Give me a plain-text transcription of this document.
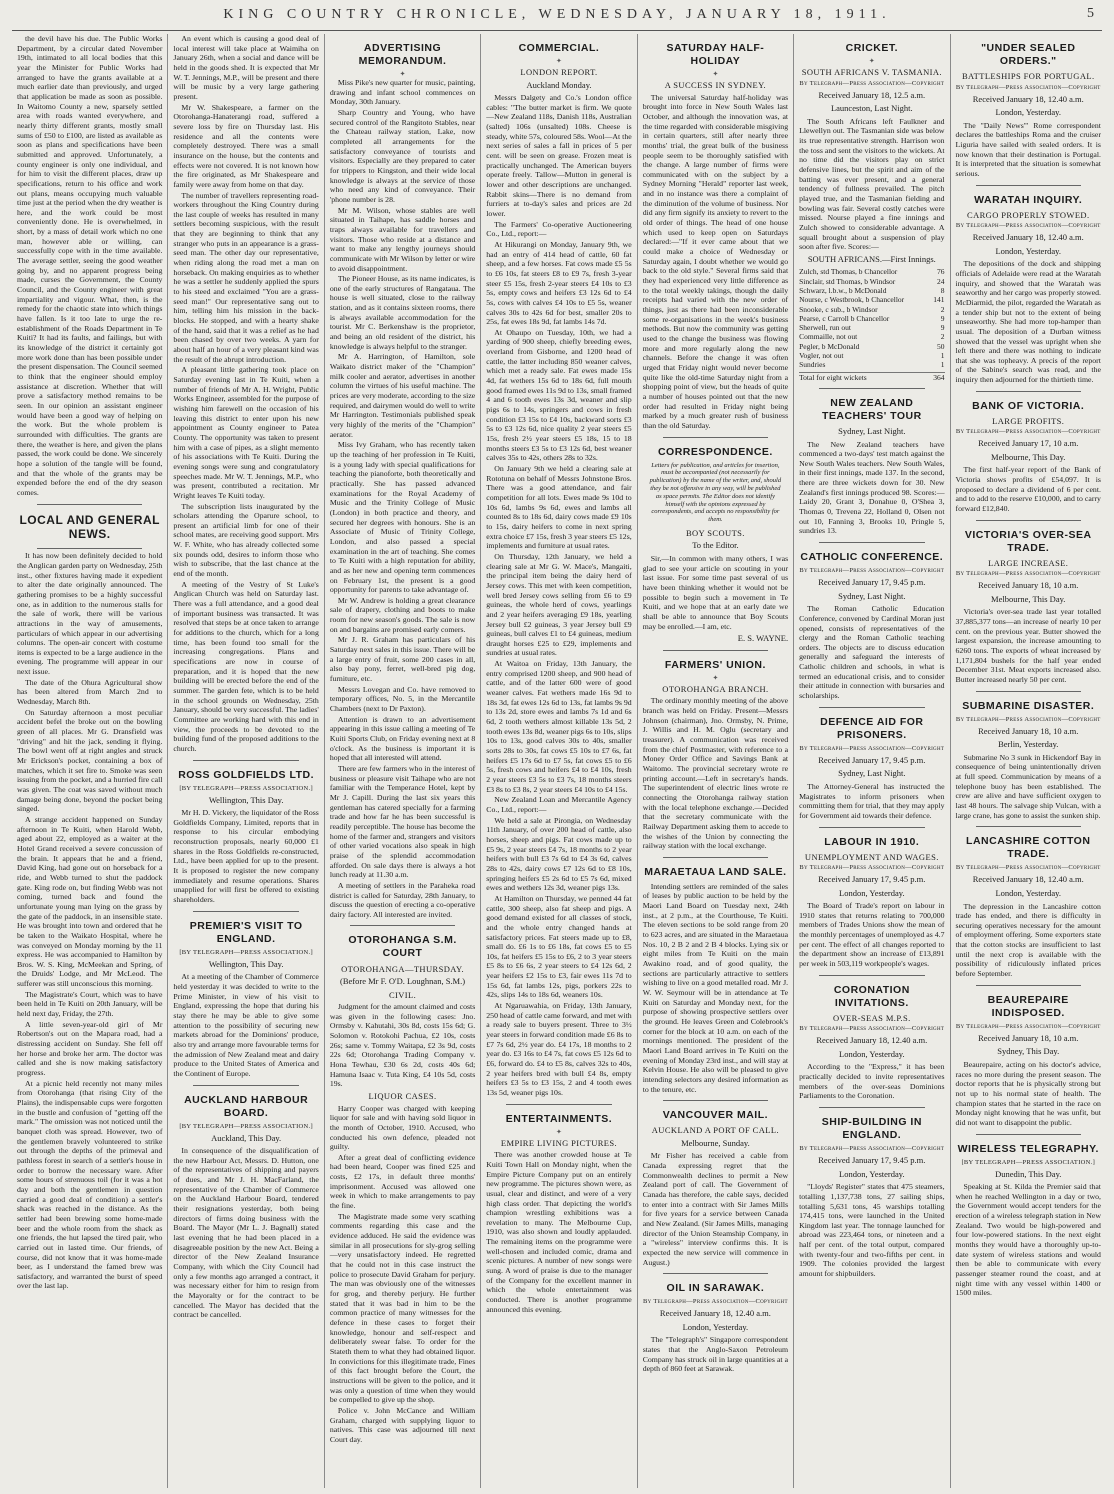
KING COUNTRY CHRONICLE, WEDNESDAY, JANUARY 18, 1911.	5

the devil have his due. The Public Works Department, by a circular dated November 19th, intimated to all local bodies that this year the Minister for Public Works had arranged to have the grants available at a much earlier date than previously, and urged that application be made as soon as possible. In Waitomo County a new, sparsely settled area with roads wanted everywhere, and nearly thirty different grants, mostly small sums of £50 to £100, are listed as available as soon as plans and specifications have been submitted and approved. Unfortunately, a county engineer is only one individual, and for him to visit the different places, draw up specifications, return to his office and work out plans, means occupying much valuable time just at the period when the dry weather is here, and the work could be most conveniently done. He is overwhelmed, in short, by a mass of detail work which no one man, however able or willing, can successfully cope with in the time available. The average settler, seeing the good weather going by, and no apparent progress being made, curses the Government, the County Council, and the County engineer with great impartiality and vigour. What, then, is the remedy for the chaotic state into which things have fallen. Is it too late to urge the re-establishment of the Roads Department in Te Kuiti? It had its faults, and failings, but with its knowledge of the district it certainly got more work done than has been possible under the present dispensation. The Council seemed to think that the engineer should employ assistance at discretion. Whether that will prove a satisfactory method remains to be seen. In our opinion an assistant engineer would have been a good way of helping on the work. But the whole problem is surrounded with difficulties. The grants are there, the weather is here, and given the plans passed, the work could be done. We sincerely hope a solution of the tangle will be found, and that the whole of the grants may be expended before the end of the dry season comes.

LOCAL AND GENERAL NEWS.

It has now been definitely decided to hold the Anglican garden party on Wednesday, 25th inst., other fixtures having made it expedient to alter the date originally announced. The gathering promises to be a highly successful one, as in addition to the numerous stalls for the sale of work, there will be various attractions in the way of amusements, particulars of which appear in our advertising columns. The open-air concert with costume items is expected to be a large audience in the evening. The programme will appear in our next issue.

The date of the Ohura Agricultural show has been altered from March 2nd to Wednesday, March 8th.

On Saturday afternoon a most peculiar accident befel the broke out on the bowling green of all places. Mr G. Dransfield was "driving" and hit the jack, sending it flying. The bowl went off at right angles and struck Mr Erickson's pocket, containing a box of matches, which it set fire to. Smoke was seen issuing from the pocket, and a hurried fire call was given. The coat was saved without much damage being done, beyond the pocket being singed.

A strange accident happened on Sunday afternoon in Te Kuiti, when Harold Webb, aged about 22, employed as a waiter at the Hotel Grand received a severe concussion of the brain. It appears that he and a friend, David King, had gone out on horseback for a ride, and Webb turned to shut the paddock gate. King rode on, but finding Webb was not coming, turned back and found the unfortunate young man lying on the grass by the gate of the paddock, in an insensible state. He was brought into town and ordered that he be taken to the Waikato Hospital, where he was conveyed on Monday morning by the 11 express. He was accompanied to Hamilton by Bros. W. S. King, McMeekan and Spring, of the Druids' Lodge, and Mr McLeod. The sufferer was still unconscious this morning.

The Magistrate's Court, which was to have been held in Te Kuiti on 20th January, will be held next day, Friday, the 27th.

A little seven-year-old girl of Mr Robertson's out on the Mapara road, had a distressing accident on Sunday. She fell off her horse and broke her arm. The doctor was called and she is now making satisfactory progress.

At a picnic held recently not many miles from Otorohanga (that rising City of the Plains), the indispensable cups were forgotten in the bustle and confusion of "getting off the mark." The omission was not noticed until the banquet cloth was spread. However, two of the gentlemen bravely volunteered to strike out through the depths of the primeval and pathless forest in search of a settler's house in order to borrow the necessary ware. After some hours of strenuous toil (for it was a hot day and both the gentlemen in question carried a good deal of condition) a settler's shack was reached in the distance. As the settler had been brewing some home-made beer and the whole room from the shack as one friends, the hut lapsed the tired pair, who carried out in lasted time. Our friends, of course, did not know that it was home-made beer, as I understand the famed brew was satisfactory, and warranted the burst of speed over the last lap.

An event which is causing a good deal of local interest will take place at Waimiha on January 26th, when a social and dance will be held in the goods shed. It is expected that Mr W. T. Jennings, M.P., will be present and there will be music by a very large gathering present.

Mr W. Shakespeare, a farmer on the Otorohanga-Hanaterangi road, suffered a severe loss by fire on Thursday last. His residence and all the contents were completely destroyed. There was a small insurance on the house, but the contents and effects were not covered. It is not known how the fire originated, as Mr Shakespeare and family were away from home on that day.

The number of travellers representing road-workers throughout the King Country during the last couple of weeks has resulted in many settlers becoming suspicious, with the result that they are beginning to think that any stranger who puts in an appearance is a grass-seed man. The other day our representative, when riding along the road met a man on horseback. On making enquiries as to whether he was a settler he suddenly applied the spurs to his steed and exclaimed "You are a grass-seed man!" Our representative sang out to him, telling him his mission in the back-blocks. He stopped, and with a hearty shake of the hand, said that it was a relief as he had been chased by over two weeks. A yarn for about half an hour of a very pleasant kind was the result of the abrupt introduction.

A pleasant little gathering took place on Saturday evening last in Te Kuiti, when a number of friends of Mr A. H. Wright, Public Works Engineer, assembled for the purpose of wishing him farewell on the occasion of his leaving this district to enter upon his new appointment as County engineer to Patea County. The opportunity was taken to present him with a case of pipes, as a slight memento of his associations with Te Kuiti. During the evening songs were sung and congratulatory speeches made. Mr W. T. Jennings, M.P., who was present, contributed a recitation. Mr Wright leaves Te Kuiti today.

The subscription lists inaugurated by the scholars attending the Oparure school, to present an artificial limb for one of their school mates, are receiving good support. Mrs W. F. White, who has already collected some six pounds odd, desires to inform those who wish to subscribe, that the last chance at the end of the month.

A meeting of the Vestry of St Luke's Anglican Church was held on Saturday last. There was a full attendance, and a good deal of important business was transacted. It was resolved that steps be at once taken to arrange for additions to the church, which for a long time, has been found too small for the increasing congregations. Plans and specifications are now in course of preparation, and it is hoped that the new building will be erected before the end of the summer. The garden fete, which is to be held in the school grounds on Wednesday, 25th January, should be very successful. The ladies' Committee are working hard with this end in view, the proceeds to be devoted to the building fund of the proposed additions to the church.

ROSS GOLDFIELDS LTD.
[BY TELEGRAPH—PRESS ASSOCIATION.]
Wellington, This Day.

Mr H. D. Vickery, the liquidator of the Ross Goldfields Company, Limited, reports that in response to his circular embodying reconstruction proposals, nearly 60,000 £1 shares in the Ross Goldfields re-constructed, Ltd., have been applied for up to the present. It is proposed to register the new company immediately and resume operations. Shares unapplied for will first be offered to existing shareholders.

PREMIER'S VISIT TO ENGLAND.
[BY TELEGRAPH—PRESS ASSOCIATION.]
Wellington, This Day.

At a meeting of the Chamber of Commerce held yesterday it was decided to write to the Prime Minister, in view of his visit to England, expressing the hope that during his stay there he may be able to give some attention to the possibility of securing new markets abroad for the Dominions' produce, also try and arrange more favourable terms for the admission of New Zealand meat and dairy produce to the United States of America and the Continent of Europe.

AUCKLAND HARBOUR BOARD.
[BY TELEGRAPH—PRESS ASSOCIATION.]
Auckland, This Day.

In consequence of the disqualification of the new Harbour Act, Messrs. D. Hutton, one of the representatives of shipping and payers of dues, and Mr J. H. MacFarland, the representative of the Chamber of Commerce on the Auckland Harbour Board, tendered their resignations yesterday, both being directors of firms doing business with the Board. The Mayor (Mr L. J. Bagnall) stated last evening that he had been placed in a disagreeable position by the new Act. Being a director of the New Zealand Insurance Company, with which the City Council had only a few months ago arranged a contract, it was necessary either for him to resign from the Mayoralty or for the contract to be cancelled. The Mayor has decided that the contract be cancelled.

ADVERTISING MEMORANDUM.
✦

Miss Pike's new quarter for music, painting, drawing and infant school commences on Monday, 30th January.

Sharp Country and Young, who have secured control of the Rangitoto Stables, near the Chateau railway station, Lake, now completed all arrangements for the satisfactory conveyance of tourists and visitors. Especially are they prepared to cater for trippers to Kingston, and their wide local knowledge is always at the service of those who need any kind of conveyance. Their 'phone number is 28.

Mr M. Wilson, whose stables are well situated in Taihape, has saddle horses and traps always available for travellers and visitors. Those who reside at a distance and want to make any lengthy journeys should communicate with Mr Wilson by letter or wire to avoid disappointment.

The Pioneer House, as its name indicates, is one of the early structures of Rangataua. The house is well situated, close to the railway station, and as it contains sixteen rooms, there is always available accommodation for the tourist. Mr C. Berkenshaw is the proprietor, and being an old resident of the district, his knowledge is always helpful to the stranger.

Mr A. Harrington, of Hamilton, sole Waikato district maker of the "Champion" milk cooler and aerator, advertises in another column the virtues of his useful machine. The prices are very moderate, according to the size required, and dairymen would do well to write Mr Harrington. Testimonials published speak very highly of the merits of the "Champion" aerator.

Miss Ivy Graham, who has recently taken up the teaching of her profession in Te Kuiti, is a young lady with special qualifications for teaching the pianoforte, both theoretically and practically. She has passed advanced examinations for the Royal Academy of Music and the Trinity College of Music (London) in both practice and theory, and secured her degrees with honours. She is an Associate of Music of Trinity College, London, and also passed a special examination in the art of teaching. She comes to Te Kuiti with a high reputation for ability, and as her new and opening term commences on February 1st, the present is a good opportunity for parents to take advantage of.

Mr W. Andrew is holding a great clearance sale of drapery, clothing and boots to make room for new season's goods. The sale is now on and bargains are promised early comers.

Mr J. R. Graham has particulars of his Saturday next sales in this issue. There will be a large entry of fruit, some 200 cases in all, also bay pony, ferret, well-bred pig dog, furniture, etc.

Messrs Lovegan and Co. have removed to temporary offices, No. 5, in the Mercantile Chambers (next to Dr Paxton).

Attention is drawn to an advertisement appearing in this issue calling a meeting of Te Kuiti Sports Club, on Friday evening next at 8 o'clock. As the business is important it is hoped that all interested will attend.

There are few farmers who in the interest of business or pleasure visit Taihape who are not familiar with the Temperance Hotel, kept by Mr J. Capill. During the last six years this gentleman has catered specially for a farming trade and how far he has been successful is readily perceptible. The house has become the home of the farmer and, strangers and visitors of other varied vocations also speak in high praise of the splendid accommodation afforded. On sale days there is always a hot lunch ready at 11.30 a.m.

A meeting of settlers in the Paraheka road district is called for Saturday, 28th January, to discuss the question of erecting a co-operative dairy factory. All interested are invited.

OTOROHANGA S.M. COURT
OTOROHANGA—THURSDAY.
(Before Mr F. O'D. Loughnan, S.M.)
CIVIL.

Judgment for the amount claimed and costs was given in the following cases: Jno. Ormsby v. Kahutahi, 30s 8d, costs 15s 6d; G. Solomon v. Rotokohi Pachua, £2 10s, costs 26s; same v. Tommy Waitapa, £2 3s 9d, costs 22s 6d; Otorohanga Trading Company v. Hona Tewhau, £30 6s 2d, costs 40s 6d; Hamuna Isaac v. Tuta King, £4 10s 5d, costs 19s.

LIQUOR CASES.

Harry Cooper was charged with keeping liquor for sale and with having sold liquor in the month of October, 1910. Accused, who conducted his own defence, pleaded not guilty.

After a great deal of conflicting evidence had been heard, Cooper was fined £25 and costs, £2 17s, in default three months' imprisonment. Accused was allowed one week in which to make arrangements to pay the fine.

The Magistrate made some very scathing comments regarding this case and the evidence adduced. He said the evidence was similar in all prosecutions for sly-grog selling—very unsatisfactory indeed. He regretted that he could not in this case instruct the police to prosecute David Graham for perjury. The man was obviously one of the witnesses for grog, and thereby perjury. He further stated that it was bad in him to be the common practice of many witnesses for the defence in these cases to forget their knowledge, honour and self-respect and deliberately swear false. To order for the Stateth them to what they had obtained liquor. In convictions for this illegitimate trade, Fines of this fact brought before the Court, the instructions will be given to the police, and it was only a question of time when they would be compelled to give up the shop.

Police v. John McCance and William Graham, charged with supplying liquor to natives. This case was adjourned till next Court day.

COMMERCIAL.
✦
LONDON REPORT.
Auckland Monday.

Messrs Dalgety and Co.'s London office cables: "The butter market is firm. We quote—New Zealand 118s, Danish 118s, Australian (salted) 106s (unsalted) 108s. Cheese is steady, white 57s, coloured 58s. Wool—At the next series of sales a fall in prices of 5 per cent. will be seen on grease. Frozen meat is practically unchanged. The American buyers operate freely. Tallow—Mutton in general is lower and other descriptions are unchanged. Rabbit skins—There is no demand from furriers at to-day's sales and prices are 2d lower.

The Farmers' Co-operative Auctioneering Co., Ltd., report:—

At Hikurangi on Monday, January 9th, we had an entry of 414 head of cattle, 60 fat sheep, and a few horses. Fat cows made £5 5s to £6 10s, fat steers £8 to £9 7s, fresh 3-year steer £5 15s, fresh 2-year steers £4 10s to £3 5s, empty cows and heifers £3 12s 6d to £4 5s, cows with calves £4 10s to £5 5s, weaner calves 30s to 42s 6d for best, smaller 20s to 25s, fat ewes 18s 9d, fat lambs 14s 7d.

At Ohaupo on Tuesday, 10th, we had a yarding of 900 sheep, chiefly breeding ewes, overland from Gisborne, and 1200 head of cattle, the latter including 850 weaner calves, which met a ready sale. Fat ewes made 15s 4d, fat wethers 15s 6d to 18s 6d, full mouth good framed ewes 11s 9d to 13s, small framed 4 and 6 tooth ewes 13s 3d, weaner and slip pigs 6s to 14s, springers and cows in fresh condition £3 15s to £4 10s, backward sorts £3 5s to £3 12s 6d, nice quality 2 year steers £5 15s, fresh 2½ year steers £5 18s, 15 to 18 months steers £3 5s to £3 12s 6d, best weaner calves 35s to 42s, others 28s to 32s.

On January 9th we held a clearing sale at Rototuna on behalf of Messrs Johnstone Bros. There was a good attendance, and fair competition for all lots. Ewes made 9s 10d to 10s 6d, lambs 9s 6d, ewes and lambs all counted 8s to 18s 6d, dairy cows made £9 10s to 15s, dairy heifers to come in next spring extra choice £7 15s, fresh 3 year steers £5 12s, implements and furniture at usual rates.

On Thursday, 12th January, we held a clearing sale at Mr G. W. Mace's, Mangaiti, the principal item being the dairy herd of Jersey cows. This met with keen competition, well bred Jersey cows selling from £6 to £9 guineas, the whole herd of cows, yearlings and 2 year heifers averaging £9 18s, yearling Jersey bull £2 guineas, 3 year Jersey bull £9 guineas, bull calves £1 to £4 guineas, medium draught horses £25 to £29, implements and sundries at usual rates.

At Waitoa on Friday, 13th January, the entry comprised 1200 sheep, and 900 head of cattle, and of the latter 600 were of good weaner calves. Fat wethers made 16s 9d to 18s 3d, fat ewes 12s 6d to 13s, fat lambs 9s 9d to 13s 2d, store ewes and lambs 7s 1d and 6s 6d, 2 tooth wethers almost killable 13s 5d, 2 tooth ewes 13s 8d, weaner pigs 6s to 10s, slips 10s to 13s, good calves 30s to 40s, smaller sorts 28s to 30s, fat cows £5 10s to £7 6s, fat heifers £5 17s 6d to £7 5s, fat cows £5 to £6 5s, fresh cows and heifers £4 to £4 10s, fresh 2 year steers £3 5s to £3 7s, 18 months steers £3 8s to £3 8s, 2 year steers £4 10s to £4 15s.

New Zealand Loan and Mercantile Agency Co., Ltd., report:—

We held a sale at Pirongia, on Wednesday 11th January, of over 200 head of cattle, also horses, sheep and pigs. Fat cows made up to £5 9s, 2 year steers £4 7s, 18 months to 2 year heifers with bull £3 7s 6d to £4 3s 6d, calves 28s to 42s, dairy cows £7 12s 6d to £8 10s, springing heifers £5 2s 6d to £5 7s 6d, mixed ewes and wethers 12s 3d, weaner pigs 13s.

At Hamilton on Thursday, we penned 44 fat cattle, 300 sheep, also fat sheep and pigs. A good demand existed for all classes of stock, and the whole entry changed hands at satisfactory prices. Fat steers made up to £8, small do. £6 1s to £6 18s, fat cows £5 to £5 10s, fat heifers £5 15s to £6, 2 to 3 year steers £5 8s to £6 6s, 2 year steers to £4 12s 6d, 2 year heifers £2 15s to £3, fair ewes 11s 7d to 15s 6d, fat lambs 12s, pigs, porkers 22s to 42s, slips 14s to 18s 6d, weaners 10s.

At Ngaruawahia, on Friday, 13th January, 250 head of cattle came forward, and met with a ready sale to buyers present. Three to 3½ year steers in forward condition made £6 8s to £7 7s 6d, 2½ year do. £4 17s, 18 months to 2 year do. £3 16s to £4 7s, fat cows £5 12s 6d to £6, forward do. £4 to £5 8s, calves 32s to 40s, 2 year heifers bred with bull £4 8s, empty heifers £3 5s to £3 15s, 2 and 4 tooth ewes 13s 5d, weaner pigs 10s.

ENTERTAINMENTS.
✦
EMPIRE LIVING PICTURES.

There was another crowded house at Te Kuiti Town Hall on Monday night, when the Empire Picture Company put on an entirely new programme. The pictures shown were, as usual, clear and distinct, and were of a very high class order. That depicting the world's champion wrestling exhibitions was a revelation to many. The Melbourne Cup, 1910, was also shown and loudly applauded. The remaining items on the programme were well-chosen and included comic, drama and scenic pictures. A number of new songs were sung. A word of praise is due to the manager of the Company for the excellent manner in which the whole entertainment was conducted. There is another programme announced this evening.

SATURDAY HALF-HOLIDAY
✦
A SUCCESS IN SYDNEY.

The universal Saturday half-holiday was brought into force in New South Wales last October, and although the innovation was, at the time regarded with considerable misgiving in certain quarters, still after nearly three months' trial, the great bulk of the business people seem to be thoroughly satisfied with the change. A large number of firms were communicated with on the subject by a Sydney Morning "Herald" reporter last week, and in no instance was there a complaint of the diminution of the volume of business. Nor did any firm signify its anxiety to revert to the old order of things. The head of one house which used to keep open on Saturdays declared:—"If it ever came about that we could make a choice of Wednesday or Saturday again, I doubt whether we would go back to the old style." Several firms said that they had experienced very little difference as to the total weekly takings, though the daily receipts had varied with the new order of things, just as there had been inconsiderable some re-organisations in the week's business methods. But now the community was getting used to the change the business was flowing more and more regularly along the new channels. Before the change it was often urged that Friday night would never become quite like the old-time Saturday night from a shopping point of view, but the heads of quite a number of houses pointed out that the new order had resulted in Friday night being marked by a much greater rush of business than the old Saturday.

CORRESPONDENCE.
Letters for publication, and articles for insertion, must be accompanied (not necessarily for publication) by the name of the writer, and, should they be not offensive in any way, will be published as space permits. The Editor does not identify himself with the opinions expressed by correspondents, and accepts no responsibility for them.
BOY SCOUTS.
To the Editor.

Sir,—In common with many others, I was glad to see your article on scouting in your last issue. For some time past several of us have been thinking whether it would not be possible to begin such a movement in Te Kuiti, and we hope that at an early date we shall be able to announce that Boy Scouts may be enrolled.—I am, etc.

E. S. WAYNE.
FARMERS' UNION.
✦
OTOROHANGA BRANCH.

The ordinary monthly meeting of the above branch was held on Friday. Present—Messrs Johnson (chairman), Jno. Ormsby, N. Prime, J. Willis and H. M. Oglu (secretary and treasurer). A communication was received from the chief Postmaster, with reference to a Money Order Office and Savings Bank at Waitomo. The provincial secretary wrote re printing account.—Left in secretary's hands. The superintendent of electric lines wrote re connecting the Otorohanga railway station with the local telephone exchange.—Decided that the secretary communicate with the Railway Department asking them to accede to the wishes of the Union by connecting the railway station with the local exchange.

MARAETAUA LAND SALE.

Intending settlers are reminded of the sales of leases by public auction to be held by the Maori Land Board on Tuesday next, 24th inst., at 2 p.m., at the Courthouse, Te Kuiti. The eleven sections to be sold range from 20 to 623 acres, and are situated in the Maraetaua Nos. 10, 2 B 2 and 2 B 4 blocks. Lying six or eight miles from Te Kuiti on the main Awakino road, and of good quality, the sections are particularly attractive to settlers wishing to live on a good metalled road. Mr J. W. W. Seymour will be in attendance at Te Kuiti on Saturday and Monday next, for the purpose of showing prospective settlers over the ground. He leaves Green and Colebrook's corner for the block at 10 a.m. on each of the mornings mentioned. The president of the Maori Land Board arrives in Te Kuiti on the evening of Monday 23rd inst., and will stay at Kelvin House. He also will be pleased to give intending selectors any desired information as to the tenure, etc.

VANCOUVER MAIL.
AUCKLAND A PORT OF CALL.
Melbourne, Sunday.

Mr Fisher has received a cable from Canada expressing regret that the Commonwealth declines to permit a New Zealand port of call. The Government of Canada has therefore, the cable says, decided to enter into a contract with Sir James Mills for five years for a service between Canada and New Zealand. (Sir James Mills, managing director of the Union Steamship Company, in a "wireless" interview confirms this. It is expected the new service will commence in August.)

OIL IN SARAWAK.
By Telegraph—Press Association—Copyright
Received January 18, 12.40 a.m.
London, Yesterday.

The "Telegraph's" Singapore correspondent states that the Anglo-Saxon Petroleum Company has struck oil in large quantities at a depth of 860 feet at Sarawak.

CRICKET.
✦
SOUTH AFRICANS V. TASMANIA.
By Telegraph—Press Association—Copyright
Received January 18, 12.5 a.m.
Launceston, Last Night.

The South Africans left Faulkner and Llewellyn out. The Tasmanian side was below its true representative strength. Harrison won the toss and sent the visitors to the wickets. At no time did the visitors play on strict defensive lines, but the spirit and aim of the batting was ever present, and a general tendency of fullness prevailed. The pitch played true, and the Tasmanian fielding and bowling was fair. Several costly catches were missed. Nourse played a fine innings and Zulch showed to considerable advantage. A squall brought about a suspension of play soon after five. Scores:—

SOUTH AFRICANS.—First Innings.
Zulch, std Thomas, b Chancellor	76
Sinclair, std Thomas, b Windsor	24
Schwarz, l.b.w., b McDonald	8
Nourse, c Westbrook, b Chancellor	141
Snooke, c sub., b Windsor	2
Pearse, c Carroll b Chancellor	9
Sherwell, run out	9
Commaille, not out	2
Pegler, b McDonald	50
Vogler, not out	1
Sundries	1
Total for eight wickets	364
NEW ZEALAND TEACHERS' TOUR
Sydney, Last Night.

The New Zealand teachers have commenced a two-days' test match against the New South Wales teachers. New South Wales, in their first innings, made 137. In the second, there are three wickets down for 30. New Zealand's first innings produced 98. Scores:—Laidy 20, Grant 3, Donahue 0, O'Shea 3, Thomas 0, Trevena 22, Holland 0, Olsen not out 10, Fanning 3, Brooks 10, Pringle 5, sundries 13.

CATHOLIC CONFERENCE.
By Telegraph—Press Association—Copyright
Received January 17, 9.45 p.m.
Sydney, Last Night.

The Roman Catholic Education Conference, convened by Cardinal Moran just opened, consists of representatives of the clergy and the Roman Catholic teaching orders. The objects are to discuss education generally and safeguard the interests of Catholic children and schools, in what is termed an educational crisis, and to consider their attitude in connection with bursaries and scholarships.

DEFENCE AID FOR PRISONERS.
By Telegraph—Press Association—Copyright
Received January 17, 9.45 p.m.
Sydney, Last Night.

The Attorney-General has instructed the Magistrates to inform prisoners when committing them for trial, that they may apply for Government aid towards their defence.

LABOUR IN 1910.
UNEMPLOYMENT AND WAGES.
By Telegraph—Press Association—Copyright
Received January 17, 9.45 p.m.
London, Yesterday.

The Board of Trade's report on labour in 1910 states that returns relating to 700,000 members of Trades Unions show the mean of the monthly percentages of unemployed as 4.7 per cent. The effect of all changes reported to the department show an increase of £13,891 per week in 503,119 workpeople's wages.

CORONATION INVITATIONS.
OVER-SEAS M.P.S.
By Telegraph—Press Association—Copyright
Received January 18, 12.40 a.m.
London, Yesterday.

According to the "Express," it has been practically decided to invite representatives members of the over-seas Dominions Parliaments to the Coronation.

SHIP-BUILDING IN ENGLAND.
By Telegraph—Press Association—Copyright
Received January 17, 9.45 p.m.
London, Yesterday.

"Lloyds' Register" states that 475 steamers, totalling 1,137,738 tons, 27 sailing ships, totalling 5,631 tons, 45 warships totalling 174,415 tons, were launched in the United Kingdom last year. The tonnage launched for abroad was 223,464 tons, or nineteen and a half per cent. of the total output, compared with twenty-four and two-fifths per cent. in 1909. The colonies provided the largest amount for shipbuilders.

"UNDER SEALED ORDERS."
BATTLESHIPS FOR PORTUGAL.
By Telegraph—Press Association—Copyright
Received January 18, 12.40 a.m.
London, Yesterday.

The "Daily News'" Rome correspondent declares the battleships Roma and the cruiser Liguria have sailed with sealed orders. It is now known that their destination is Portugal. It is interpreted that the situation is somewhat serious.

WARATAH INQUIRY.
CARGO PROPERLY STOWED.
By Telegraph—Press Association—Copyright
Received January 18, 12.40 a.m.
London, Yesterday.

The depositions of the dock and shipping officials of Adelaide were read at the Waratah inquiry, and showed that the Waratah was seaworthy and her cargo was properly stowed. McDiarmid, the pilot, regarded the Waratah as a tender ship but not to the extent of being unseaworthy. She had more top-hamper than usual. The deposition of a Durban witness showed that the vessel was upright when she left there and there was nothing to indicate that she was topheavy. A precis of the report of the Sabine's search was read, and the inquiry then adjourned for the thirtieth time.

BANK OF VICTORIA.
LARGE PROFITS.
By Telegraph—Press Association—Copyright
Received January 17, 10 a.m.
Melbourne, This Day.

The first half-year report of the Bank of Victoria shows profits of £54,097. It is proposed to declare a dividend of 6 per cent. and to add to the reserve £10,000, and to carry forward £12,840.

VICTORIA'S OVER-SEA TRADE.
LARGE INCREASE.
By Telegraph—Press Association—Copyright
Received January 18, 10 a.m.
Melbourne, This Day.

Victoria's over-sea trade last year totalled 37,885,377 tons—an increase of nearly 10 per cent. on the previous year. Butter showed the largest expansion, the increase amounting to 6260 tons. The exports of wheat increased by 1,171,804 bushels for the half year ended December 31st. Meat exports increased also. Butter increased nearly 50 per cent.

SUBMARINE DISASTER.
By Telegraph—Press Association—Copyright
Received January 18, 10 a.m.
Berlin, Yesterday.

Submarine No 3 sunk in Hickendorf Bay in consequence of being unintentionally driven at full speed. Communication by means of a telephone buoy has been established. The crew are alive and have sufficient oxygen to last 48 hours. The salvage ship Vulcan, with a large crane, has gone to assist the sunken ship.

LANCASHIRE COTTON TRADE.
By Telegraph—Press Association—Copyright
Received January 18, 12.40 a.m.
London, Yesterday.

The depression in the Lancashire cotton trade has ended, and there is difficulty in securing operatives necessary for the amount of employment offering. Some exporters state that the cotton stocks are insufficient to last until the next crop is available with the possibility of ridiculously inflated prices before September.

BEAUREPAIRE INDISPOSED.
By Telegraph—Press Association—Copyright
Received January 18, 10 a.m.
Sydney, This Day.

Beaurepaire, acting on his doctor's advice, races no more during the present season. The doctor reports that he is physically strong but not up to his normal state of health. The champion states that he started in the race on Monday night knowing that he was unfit, but did not want to disappoint the public.

WIRELESS TELEGRAPHY.
[BY TELEGRAPH—PRESS ASSOCIATION.]
Dunedin, This Day.

Speaking at St. Kilda the Premier said that when he reached Wellington in a day or two, the Government would accept tenders for the erection of a wireless telegraph station in New Zealand. Two would be high-powered and four low-powered stations. In the next eight months they would have a thoroughly up-to-date system of wireless stations and would then be able to communicate with every passenger steamer round the coast, and at night time with any vessel within 1400 or 1500 miles.
